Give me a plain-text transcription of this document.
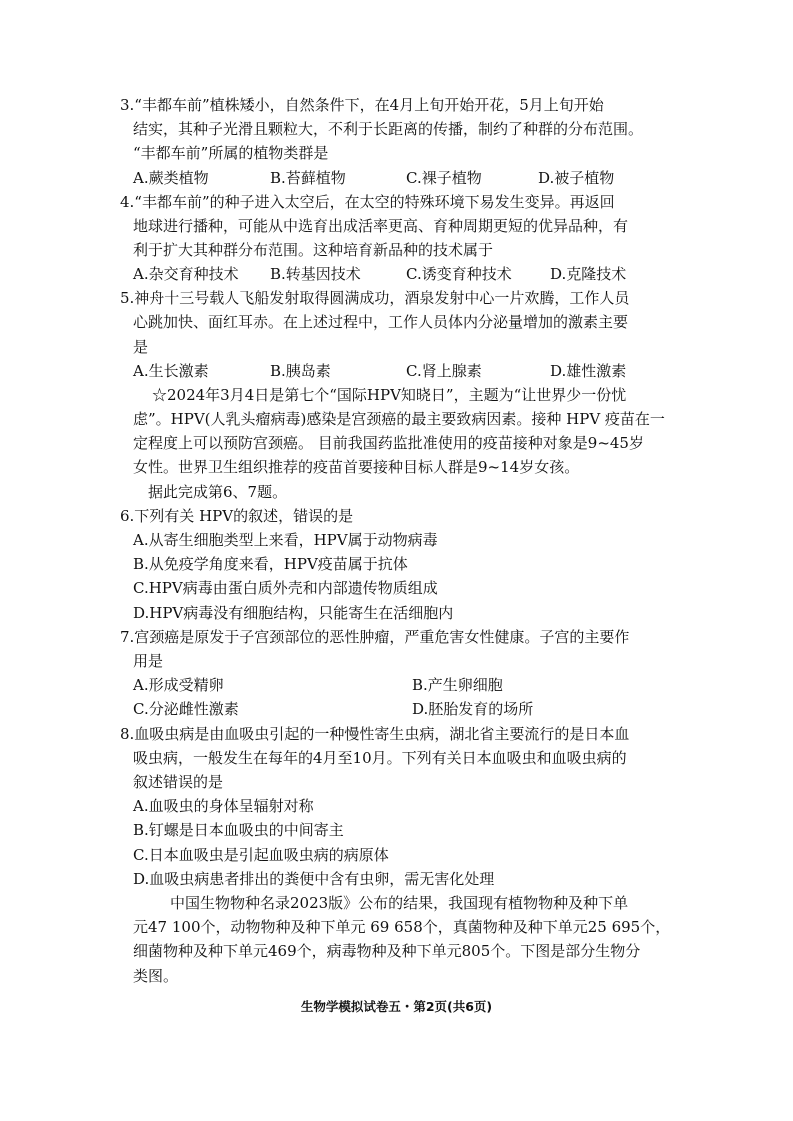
3.“丰都车前”植株矮小，自然条件下，在4月上旬开始开花，5月上旬开始
结实，其种子光滑且颗粒大，不利于长距离的传播，制约了种群的分布范围。
“丰都车前”所属的植物类群是
A.蕨类植物	B.苔藓植物	C.裸子植物	D.被子植物
4.“丰都车前”的种子进入太空后，在太空的特殊环境下易发生变异。再返回
地球进行播种，可能从中选育出成活率更高、育种周期更短的优异品种，有
利于扩大其种群分布范围。这种培育新品种的技术属于
A.杂交育种技术 B.转基因技术	C.诱变育种技术	D.克隆技术
5.神舟十三号载人飞船发射取得圆满成功，酒泉发射中心一片欢腾，工作人员
心跳加快、面红耳赤。在上述过程中，工作人员体内分泌量增加的激素主要
是
A.生长激素	B.胰岛素	C.肾上腺素	D.雄性激素
☆2024年3月4日是第七个“国际HPV知晓日”，主题为“让世界少一份忧
虑”。HPV(人乳头瘤病毒)感染是宫颈癌的最主要致病因素。接种 HPV 疫苗在一
定程度上可以预防宫颈癌。 目前我国药监批准使用的疫苗接种对象是9~45岁
女性。世界卫生组织推荐的疫苗首要接种目标人群是9~14岁女孩。
据此完成第6、7题。
6.下列有关 HPV的叙述，错误的是
A.从寄生细胞类型上来看，HPV属于动物病毒
B.从免疫学角度来看，HPV疫苗属于抗体
C.HPV病毒由蛋白质外壳和内部遗传物质组成
D.HPV病毒没有细胞结构，只能寄生在活细胞内
7.宫颈癌是原发于子宫颈部位的恶性肿瘤，严重危害女性健康。子宫的主要作
用是
A.形成受精卵	B.产生卵细胞
C.分泌雌性激素	D.胚胎发育的场所
8.血吸虫病是由血吸虫引起的一种慢性寄生虫病，湖北省主要流行的是日本血
吸虫病，一般发生在每年的4月至10月。下列有关日本血吸虫和血吸虫病的
叙述错误的是
A.血吸虫的身体呈辐射对称
B.钉螺是日本血吸虫的中间寄主
C.日本血吸虫是引起血吸虫病的病原体
D.血吸虫病患者排出的粪便中含有虫卵，需无害化处理
中国生物物种名录2023版》公布的结果，我国现有植物物种及种下单
元47 100个，动物物种及种下单元 69 658个，真菌物种及种下单元25 695个，
细菌物种及种下单元469个，病毒物种及种下单元805个。下图是部分生物分
类图。
生物学模拟试卷五・第2页(共6页)
